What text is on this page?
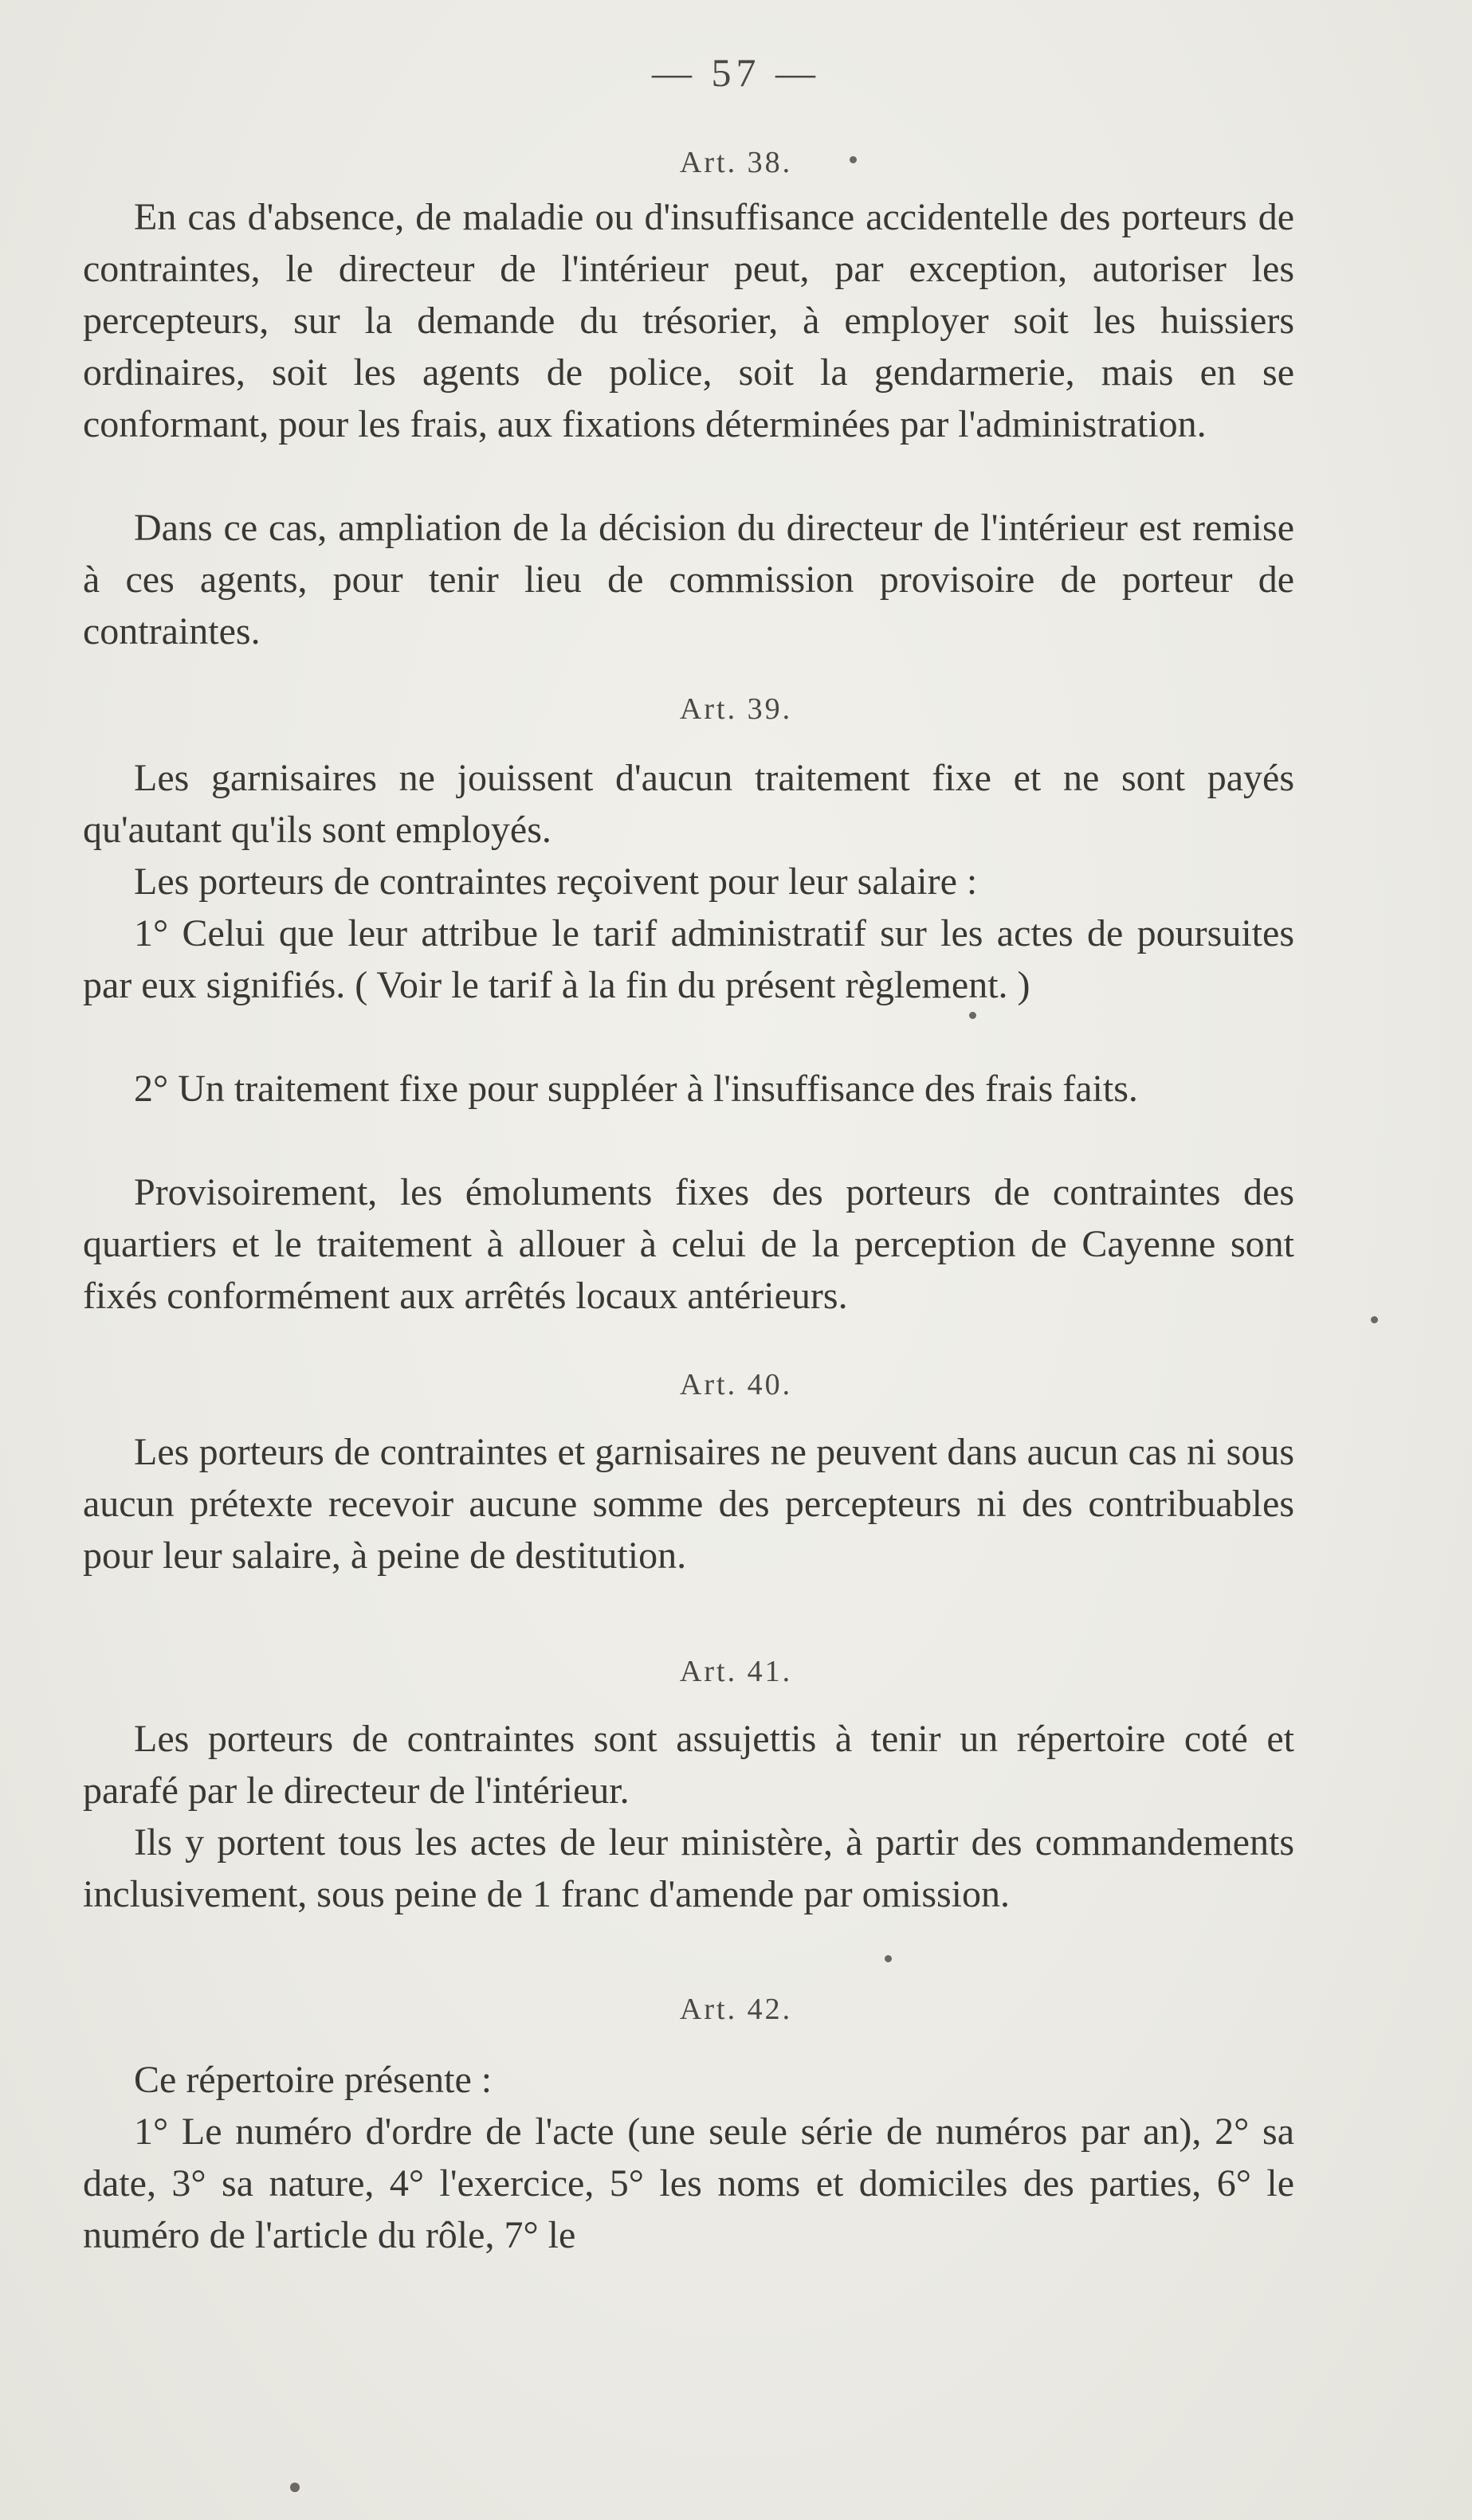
— 57 —
Art. 38.

En cas d'absence, de maladie ou d'insuffisance accidentelle des porteurs de contraintes, le directeur de l'intérieur peut, par exception, autoriser les percepteurs, sur la demande du trésorier, à employer soit les huissiers ordinaires, soit les agents de police, soit la gendarmerie, mais en se conformant, pour les frais, aux fixations déterminées par l'administration.

Dans ce cas, ampliation de la décision du directeur de l'intérieur est remise à ces agents, pour tenir lieu de commission provisoire de porteur de contraintes.

Art. 39.

Les garnisaires ne jouissent d'aucun traitement fixe et ne sont payés qu'autant qu'ils sont employés.

Les porteurs de contraintes reçoivent pour leur salaire :

1° Celui que leur attribue le tarif administratif sur les actes de poursuites par eux signifiés. ( Voir le tarif à la fin du présent règlement. )

2° Un traitement fixe pour suppléer à l'insuffisance des frais faits.

Provisoirement, les émoluments fixes des porteurs de contraintes des quartiers et le traitement à allouer à celui de la perception de Cayenne sont fixés conformément aux arrêtés locaux antérieurs.

Art. 40.

Les porteurs de contraintes et garnisaires ne peuvent dans aucun cas ni sous aucun prétexte recevoir aucune somme des percepteurs ni des contribuables pour leur salaire, à peine de destitution.

Art. 41.

Les porteurs de contraintes sont assujettis à tenir un répertoire coté et parafé par le directeur de l'intérieur.

Ils y portent tous les actes de leur ministère, à partir des commandements inclusivement, sous peine de 1 franc d'amende par omission.

Art. 42.

Ce répertoire présente :

1° Le numéro d'ordre de l'acte (une seule série de numéros par an), 2° sa date, 3° sa nature, 4° l'exercice, 5° les noms et domiciles des parties, 6° le numéro de l'article du rôle, 7° le
